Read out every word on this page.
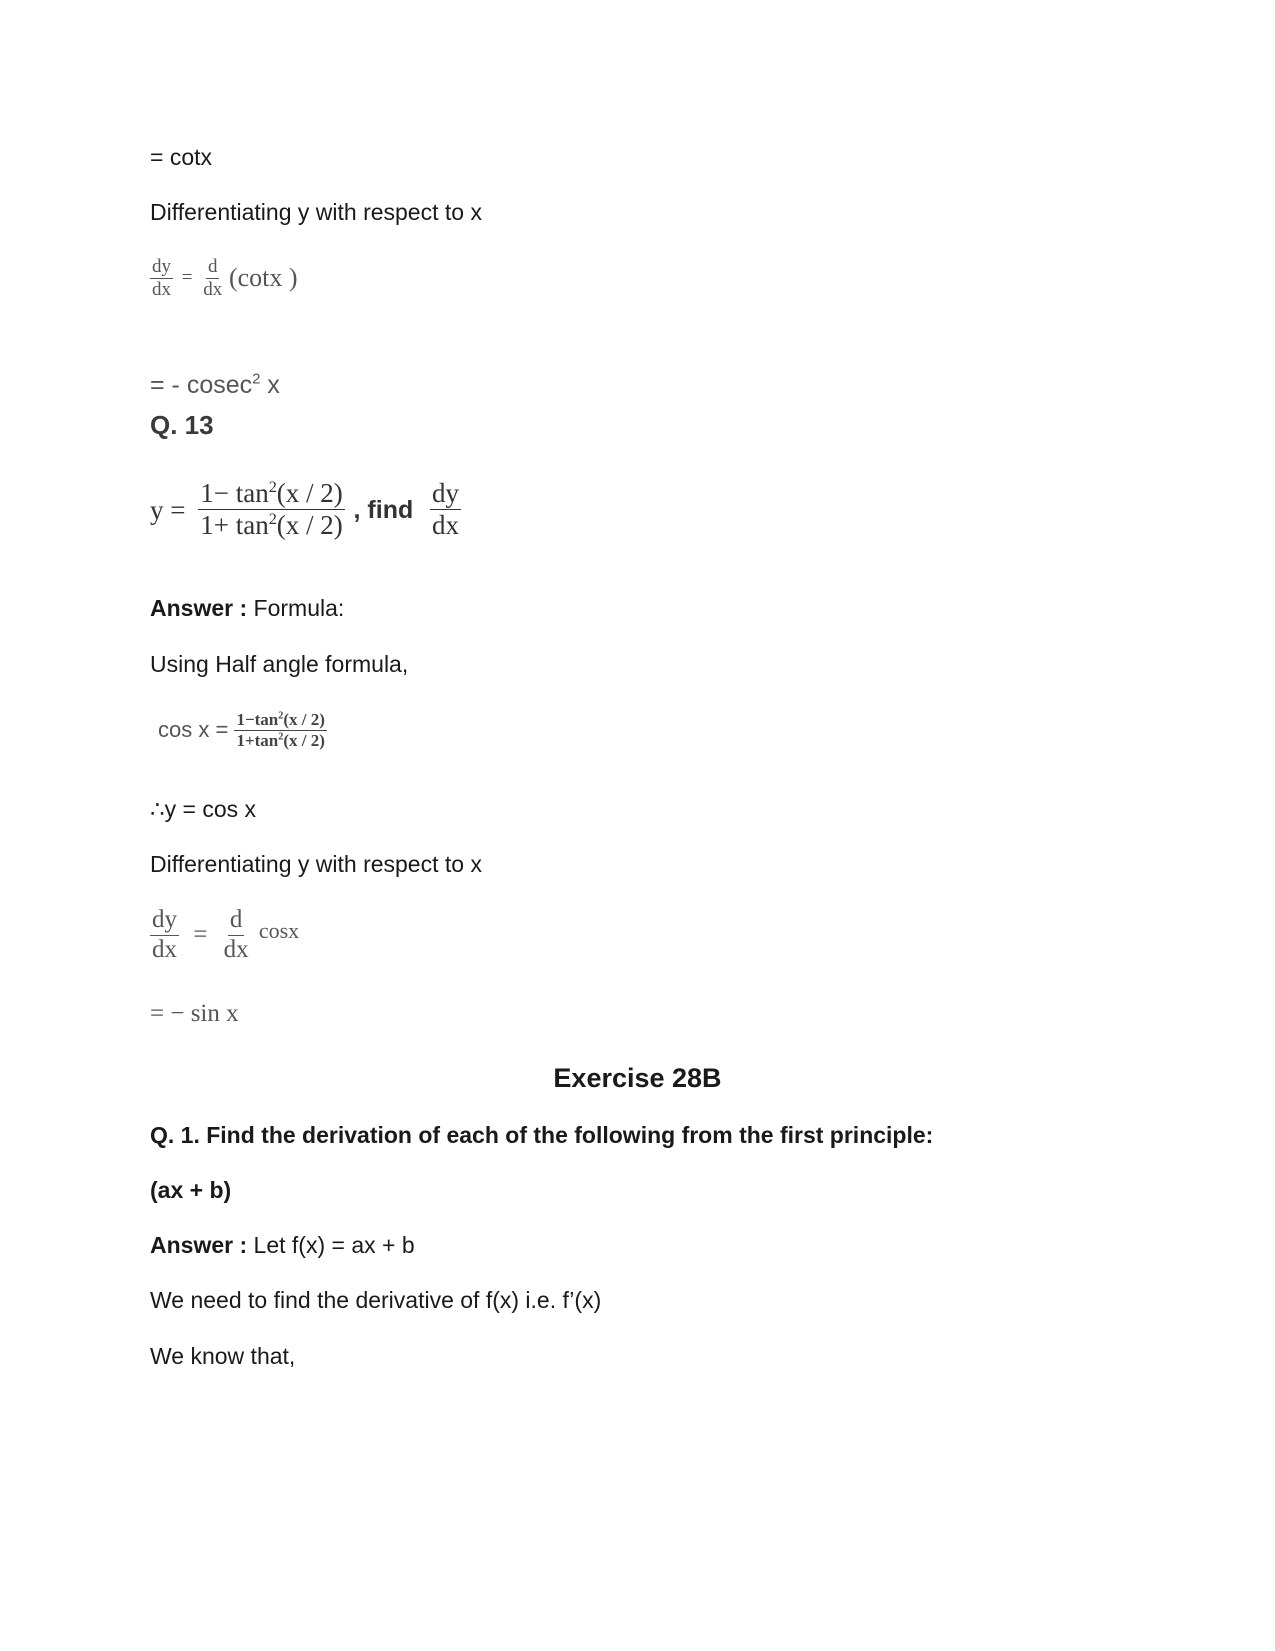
= cotx
Differentiating y with respect to x
$\frac{dy}{dx} = \frac{d}{dx} (\cot x$ )
= - cosec$^2$ x
Q. 13
$y = \frac{1- \tan^2(x / 2)}{1+ \tan^2(x / 2)}$ , find $\frac{dy}{dx}$
Answer : Formula:
Using Half angle formula,
$\cos x = \frac{1-\tan^2(x / 2)}{1+\tan^2(x / 2)}$
∴y = cos x
Differentiating y with respect to x
$\frac{dy}{dx} = \frac{d}{dx}$ cosx
= − sin x
Exercise 28B
Q. 1. Find the derivation of each of the following from the first principle:
(ax + b)
Answer : Let f(x) = ax + b
We need to find the derivative of f(x) i.e. f’(x)
We know that,
